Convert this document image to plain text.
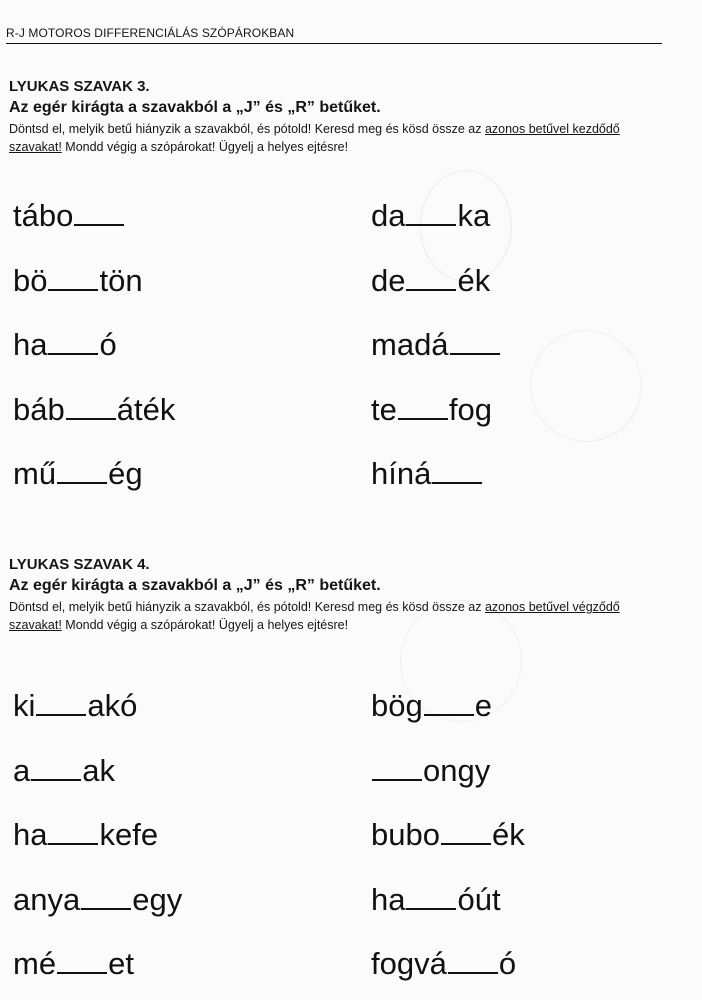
R-J MOTOROS DIFFERENCIÁLÁS SZÓPÁROKBAN

LYUKAS SZAVAK 3.

Az egér kirágta a szavakból a „J” és „R” betűket.

Döntsd el, melyik betű hiányzik a szavakból, és pótold! Keresd meg és kösd össze az azonos betűvel kezdődő szavakat! Mondd végig a szópárokat! Ügyelj a helyes ejtésre!

LYUKAS SZAVAK 4.

Az egér kirágta a szavakból a „J” és „R” betűket.

Döntsd el, melyik betű hiányzik a szavakból, és pótold! Keresd meg és kösd össze az azonos betűvel végződő szavakat! Mondd végig a szópárokat! Ügyelj a helyes ejtésre!

tábo
bö tön
ha ó
báb áték
mű ég
da ka
de ék
madá
te fog
híná
ki akó
a ak
ha kefe
anya egy
mé et
bög e
ongy
bubo ék
ha óút
fogvá ó
